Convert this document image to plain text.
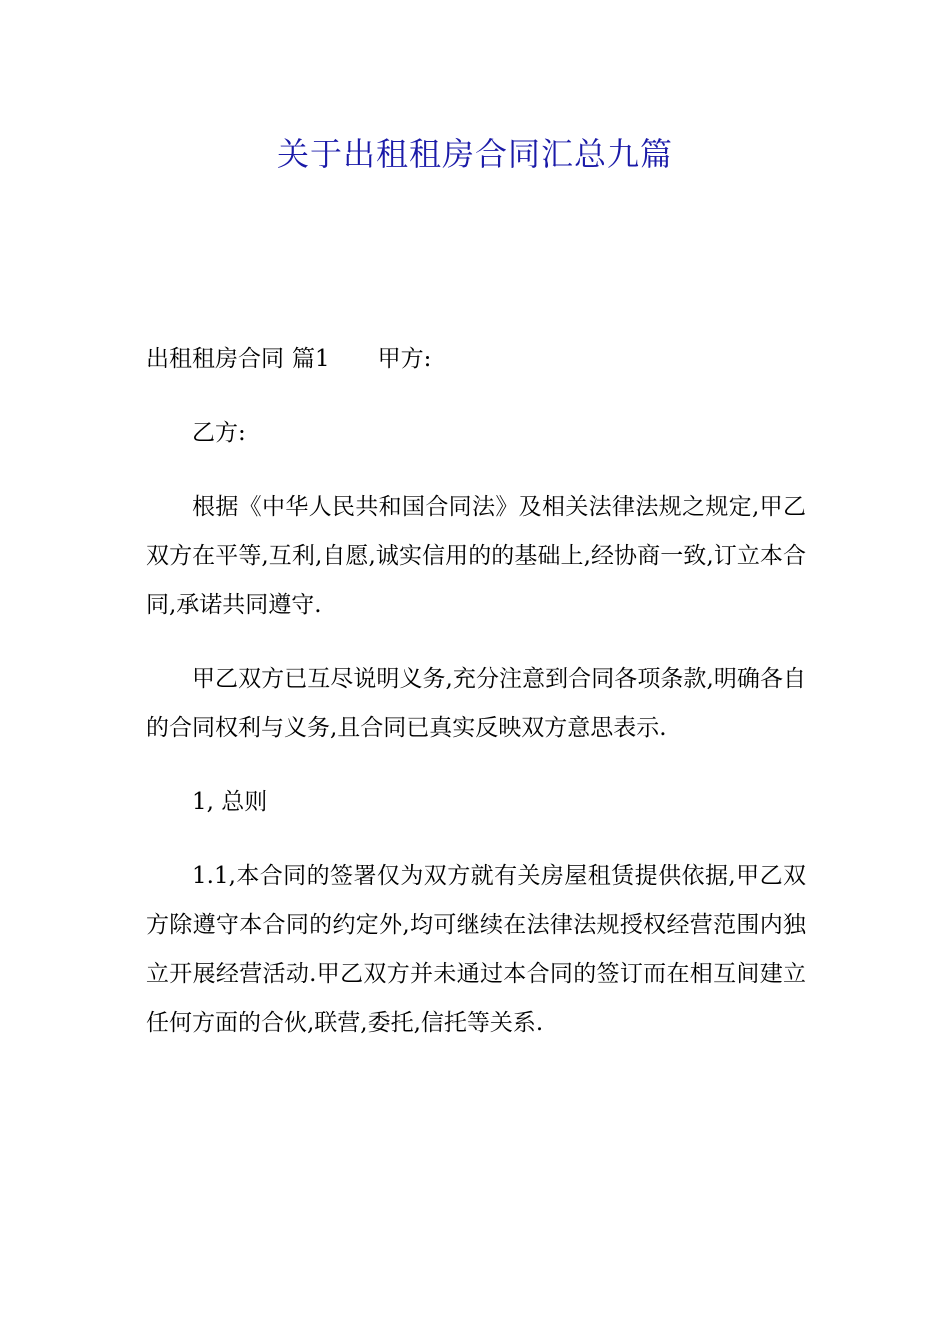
关于出租租房合同汇总九篇

出租租房合同 篇1 甲方:

乙方:

根据《中华人民共和国合同法》及相关法律法规之规定,甲乙双方在平等,互利,自愿,诚实信用的的基础上,经协商一致,订立本合同,承诺共同遵守.

甲乙双方已互尽说明义务,充分注意到合同各项条款,明确各自的合同权利与义务,且合同已真实反映双方意思表示.

1, 总则

1.1,本合同的签署仅为双方就有关房屋租赁提供依据,甲乙双方除遵守本合同的约定外,均可继续在法律法规授权经营范围内独立开展经营活动.甲乙双方并未通过本合同的签订而在相互间建立任何方面的合伙,联营,委托,信托等关系.
